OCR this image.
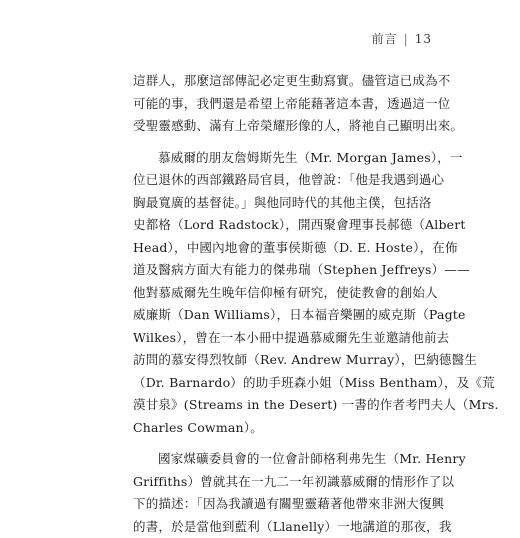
前言 | 13

這群人，那麼這部傳記必定更生動寫實。儘管這已成為不
可能的事，我們還是希望上帝能藉著這本書，透過這一位
受聖靈感動、滿有上帝榮耀形像的人，將祂自己顯明出來。

慕威爾的朋友詹姆斯先生（Mr. Morgan James），一
位已退休的西部鐵路局官員，他曾說：「他是我遇到過心
胸最寬廣的基督徒。」與他同時代的其他主僕，包括洛
史都格（Lord Radstock），開西聚會理事長郝德（Albert
Head），中國內地會的董事侯斯德（D. E. Hoste），在佈
道及醫病方面大有能力的傑弗瑞（Stephen Jeffreys）——
他對慕威爾先生晚年信仰極有研究，使徒教會的創始人
威廉斯（Dan Williams），日本福音樂團的威克斯（Pagte
Wilkes），曾在一本小冊中提過慕威爾先生並邀請他前去
訪問的慕安得烈牧師（Rev. Andrew Murray），巴納德醫生
（Dr. Barnardo）的助手班森小姐（Miss Bentham），及《荒
漠甘泉》(Streams in the Desert) 一書的作者考門夫人（Mrs.
Charles Cowman）。

國家煤礦委員會的一位會計師格利弗先生（Mr. Henry
Griffiths）曾就其在一九二一年初識慕威爾的情形作了以
下的描述：「因為我讀過有關聖靈藉著他帶來非洲大復興
的書，於是當他到藍利（Llanelly）一地講道的那夜，我
